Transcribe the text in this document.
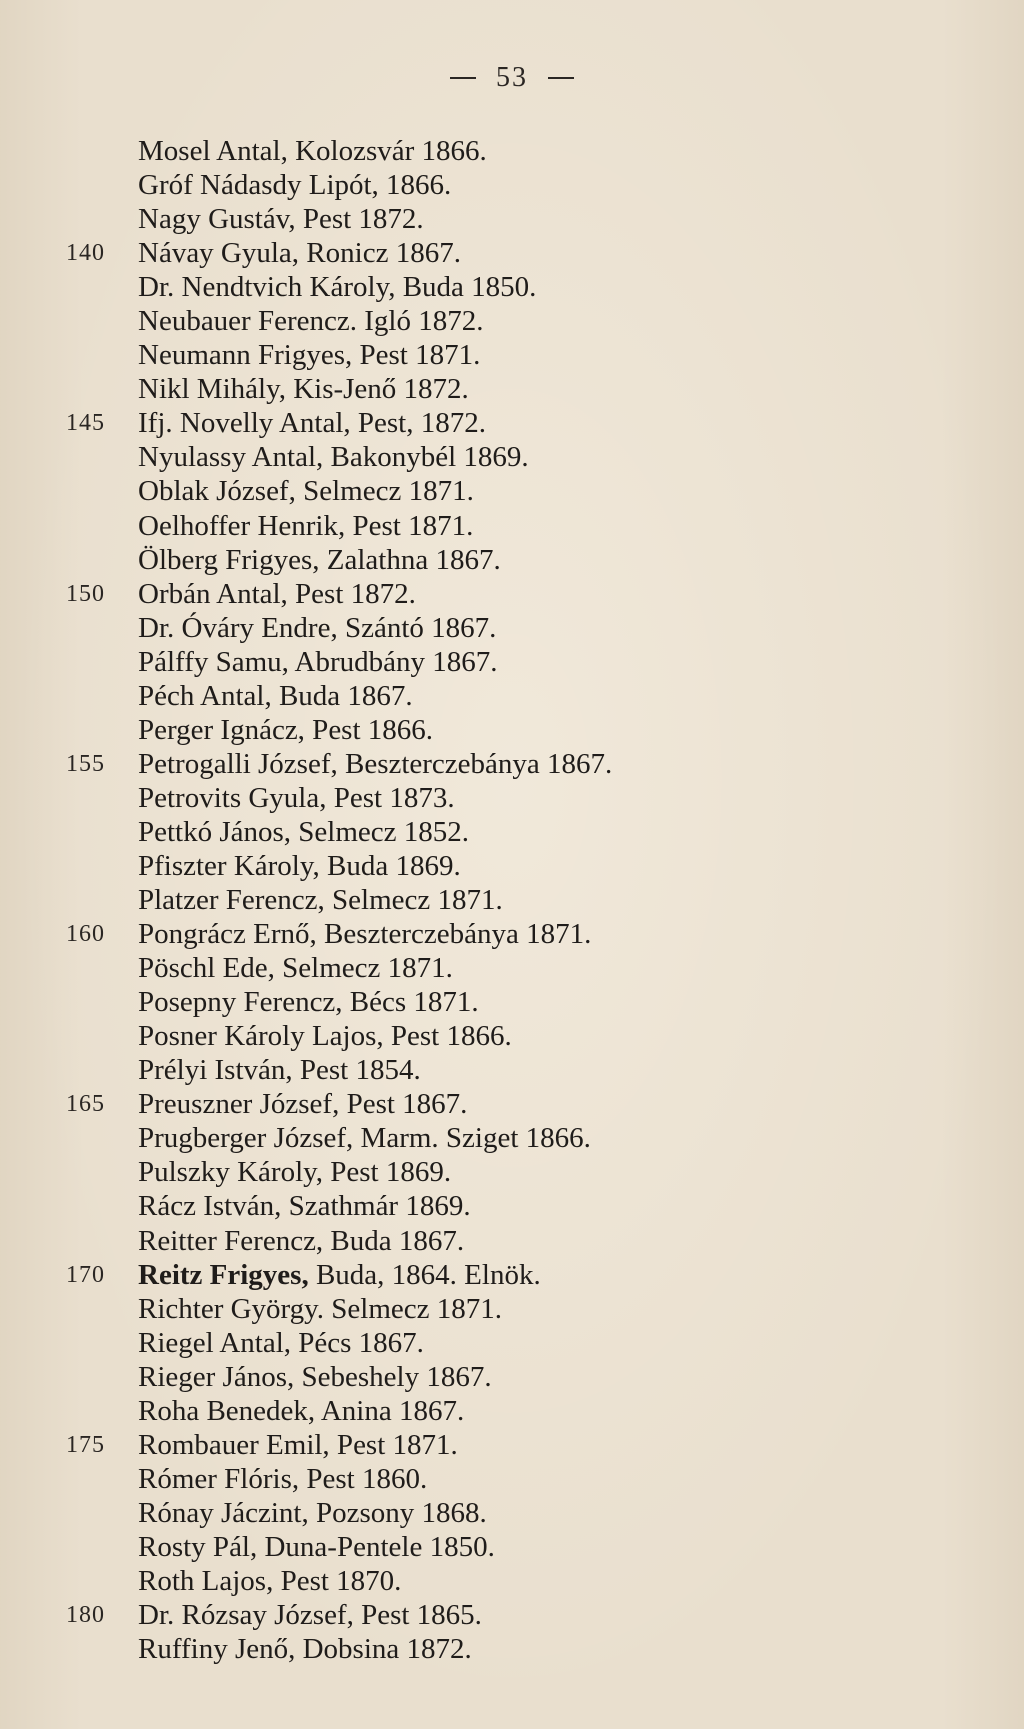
53
Mosel Antal, Kolozsvár 1866.
Gróf Nádasdy Lipót, 1866.
Nagy Gustáv, Pest 1872.
140	Návay Gyula, Ronicz 1867.
Dr. Nendtvich Károly, Buda 1850.
Neubauer Ferencz. Igló 1872.
Neumann Frigyes, Pest 1871.
Nikl Mihály, Kis-Jenő 1872.
145	Ifj. Novelly Antal, Pest, 1872.
Nyulassy Antal, Bakonybél 1869.
Oblak József, Selmecz 1871.
Oelhoffer Henrik, Pest 1871.
Ölberg Frigyes, Zalathna 1867.
150	Orbán Antal, Pest 1872.
Dr. Óváry Endre, Szántó 1867.
Pálffy Samu, Abrudbány 1867.
Péch Antal, Buda 1867.
Perger Ignácz, Pest 1866.
155	Petrogalli József, Beszterczebánya 1867.
Petrovits Gyula, Pest 1873.
Pettkó János, Selmecz 1852.
Pfiszter Károly, Buda 1869.
Platzer Ferencz, Selmecz 1871.
160	Pongrácz Ernő, Beszterczebánya 1871.
Pöschl Ede, Selmecz 1871.
Posepny Ferencz, Bécs 1871.
Posner Károly Lajos, Pest 1866.
Prélyi István, Pest 1854.
165	Preuszner József, Pest 1867.
Prugberger József, Marm. Sziget 1866.
Pulszky Károly, Pest 1869.
Rácz István, Szathmár 1869.
Reitter Ferencz, Buda 1867.
170	Reitz Frigyes, Buda, 1864. Elnök.
Richter György. Selmecz 1871.
Riegel Antal, Pécs 1867.
Rieger János, Sebeshely 1867.
Roha Benedek, Anina 1867.
175	Rombauer Emil, Pest 1871.
Rómer Flóris, Pest 1860.
Rónay Jáczint, Pozsony 1868.
Rosty Pál, Duna-Pentele 1850.
Roth Lajos, Pest 1870.
180	Dr. Rózsay József, Pest 1865.
Ruffiny Jenő, Dobsina 1872.
